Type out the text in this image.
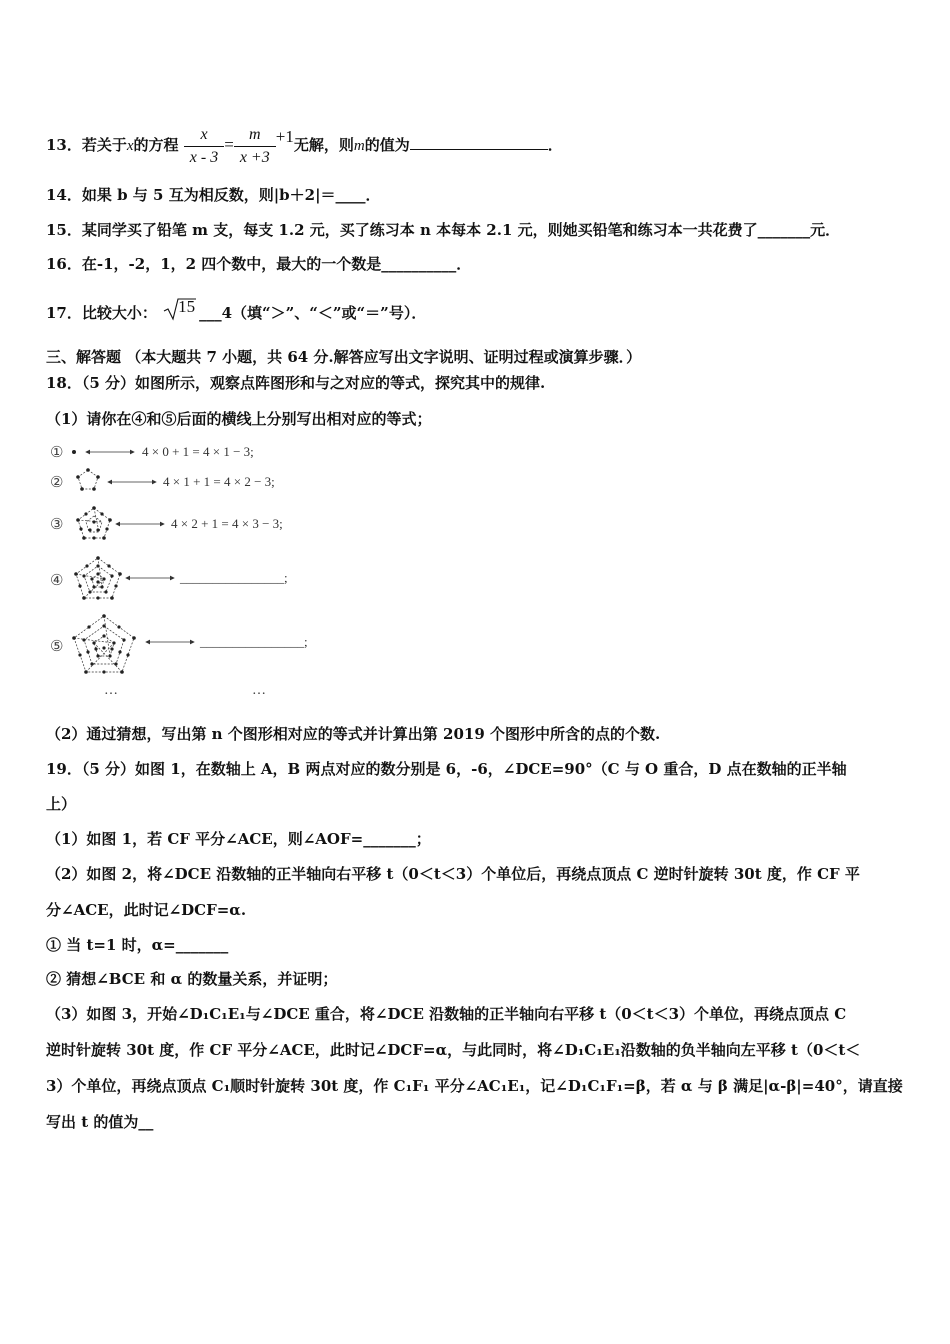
13．若关于x的方程 $\frac{x}{x - 3} = \frac{m}{x +3} +1$无解，则m的值为	．
14．如果 b 与 5 互为相反数，则|b＋2|＝____．
15．某同学买了铅笔 m 支，每支 1.2 元，买了练习本 n 本每本 2.1 元，则她买铅笔和练习本一共花费了_______元．
16．在-1，-2，1，2 四个数中，最大的一个数是__________．
17．比较大小： 15 ___4（填“＞”、“＜”或“＝”号）．
三、解答题 （本大题共 7 小题，共 64 分.解答应写出文字说明、证明过程或演算步骤．）
18．（5 分）如图所示，观察点阵图形和与之对应的等式，探究其中的规律.
（1）请你在④和⑤后面的横线上分别写出相对应的等式；
①
②
③
④
⑤
4 × 0 + 1 = 4 × 1 − 3;
4 × 1 + 1 = 4 × 2 − 3;
4 × 2 + 1 = 4 × 3 − 3;
________________;
________________;
…	…
（2）通过猜想，写出第 n 个图形相对应的等式并计算出第 2019 个图形中所含的点的个数.
19．（5 分）如图 1，在数轴上 A，B 两点对应的数分别是 6，-6，∠DCE=90°（C 与 O 重合，D 点在数轴的正半轴
上）
（1）如图 1，若 CF 平分∠ACE，则∠AOF=_______；
（2）如图 2，将∠DCE 沿数轴的正半轴向右平移 t（0＜t＜3）个单位后，再绕点顶点 C 逆时针旋转 30t 度，作 CF 平
分∠ACE，此时记∠DCF=α.
① 当 t=1 时，α=_______
② 猜想∠BCE 和 α 的数量关系，并证明；
（3）如图 3，开始∠D₁C₁E₁与∠DCE 重合，将∠DCE 沿数轴的正半轴向右平移 t（0＜t＜3）个单位，再绕点顶点 C
逆时针旋转 30t 度，作 CF 平分∠ACE，此时记∠DCF=α，与此同时，将∠D₁C₁E₁沿数轴的负半轴向左平移 t（0＜t＜
3）个单位，再绕点顶点 C₁顺时针旋转 30t 度，作 C₁F₁ 平分∠AC₁E₁，记∠D₁C₁F₁=β，若 α 与 β 满足|α-β|=40°，请直接
写出 t 的值为__
